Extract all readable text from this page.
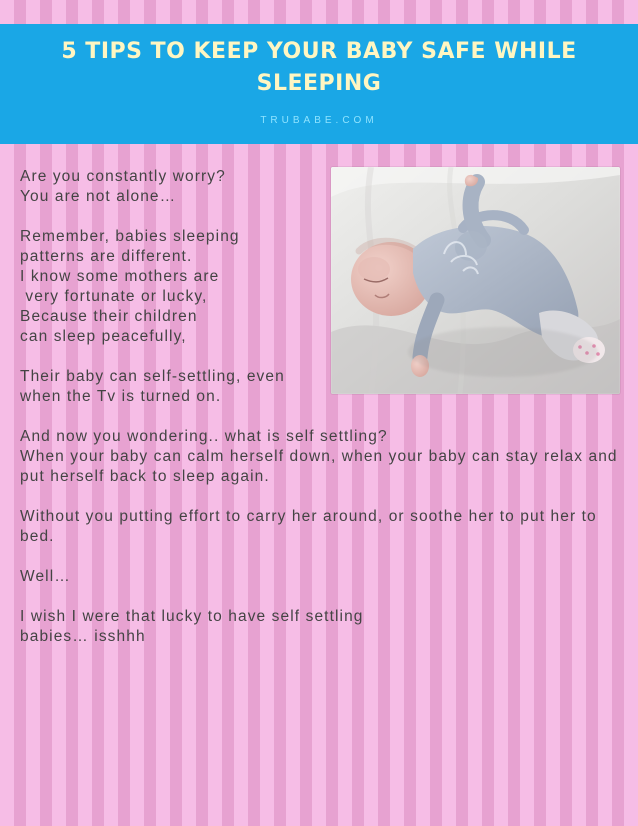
5 TIPS TO KEEP YOUR BABY SAFE WHILE SLEEPING
TRUBABE.COM
Are you constantly worry?
You are not alone…
Remember, babies sleeping
patterns are different.
I know some mothers are
very fortunate or lucky,
Because their children
can sleep peacefully,
Their baby can self-settling, even when the Tv is turned on.
And now you wondering.. what is self settling?
When your baby can calm herself down, when your baby can stay relax and put herself back to sleep again.
Without you putting effort to carry her around, or soothe her to put her to bed.
Well…
I wish I were that lucky to have self settling
babies… isshhh
